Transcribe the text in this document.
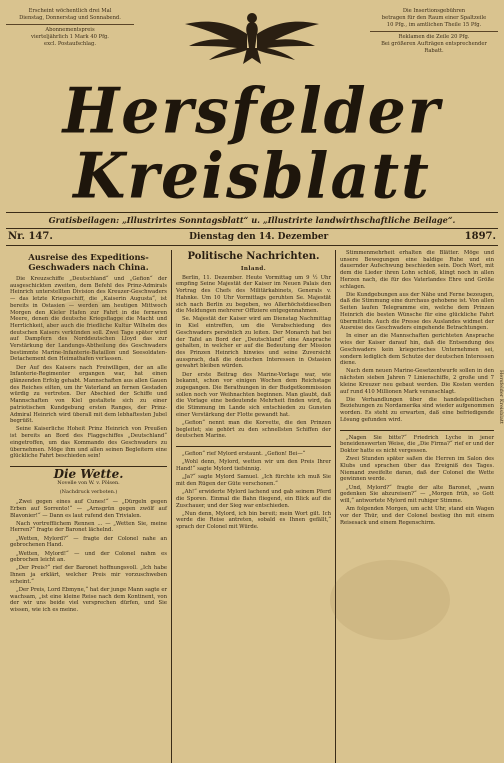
Erscheint wöchentlich drei Mal
Dienstag, Donnerstag und Sonnabend.
Abonnementspreis
vierteljährlich 1 Mark 40 Pfg.
excl. Postaufschlag.
Die Insertionsgebühren
betragen für den Raum einer Spaltzeile
10 Pfg., im amtlichen Theile 15 Pfg.
Reklamen die Zeile 20 Pfg.
Bei größeren Aufträgen entsprechender
Rabatt.
Hersfelder Kreisblatt
Gratisbeilagen: „Illustrirtes Sonntagsblatt“ u. „Illustrirte landwirthschaftliche Beilage“.
Nr. 147.	Dienstag den 14. Dezember	1897.
Ausreise des Expeditions-Geschwaders nach China.

Die Kreuzschiffe „Deutschland“ und „Gefion“ der ausgeschickten zweiten, dem Befehl des Prinz-Admirals Heinrich unterstellten Division des Kreuzer-Geschwaders — das letzte Kriegsschiff, die „Kaiserin Augusta“, ist bereits in Ostasien — werden am heutigen Mittwoch Morgen den Kieler Hafen zur Fahrt in die ferneren Meere, denen die deutsche Kriegsflagge die Macht und Herrlichkeit, aber auch die friedliche Kultur Wilhelm des deutschen Kaisers verkünden soll. Zwei Tage später wird auf Dampfern des Norddeutschen Lloyd das zur Verstärkung der Landungs-Abtheilung des Geschwaders bestimmte Marine-Infanterie-Bataillon und Seesoldaten-Detachement den Heimathafen verlassen.

Der Auf des Kaisers nach Freiwilligen, der an alle Infanterie-Regimenter ergangen war, hat einen glänzenden Erfolg gehabt. Mannschaften aus allen Gauen des Reiches eilten, um ihr Vaterland an fernen Gestaden würdig zu vertreten. Der Abschied der Schiffe und Mannschaften von Kiel gestaltete sich zu einer patriotischen Kundgebung ersten Ranges, der Prinz-Admiral Heinrich wird überall mit dem lebhaftesten Jubel begrüßt.

Seine Kaiserliche Hoheit Prinz Heinrich von Preußen ist bereits an Bord des Flaggschiffes „Deutschland“ eingetroffen, um das Kommando des Geschwaders zu übernehmen. Möge ihm und allen seinen Begleitern eine glückliche Fahrt beschieden sein!

Die Wette.
Novelle von W. v. Pölsen.
(Nachdruck verboten.)

„Zwei gegen eines auf Cunes!“ — „Dürgeln gegen Erben auf Sorrento!“ — „Arnsgrün gegen zwölf auf Blavonier!“ — Dann es laut rufend den Trivialen.

Nach vortrefflichem Rennen ... — „Wetten Sie, meine Herren?“ fragte der Baronet lächelnd.

„Wetten, Mylord?“ — fragte der Colonel nahe an gebrochenen Hand.

„Wetten, Mylord!“ — und der Colonel nahm es gebrochen leicht an.

„Der Preis?“ rief der Baronet hoffnungsvoll. „Ich habe Ihnen ja erklärt, welcher Preis mir vorzuschweben scheint.“

„Der Preis, Lord Ebmyne,“ hat der junge Mann sagte er wachsam, „ist eine kleine Reise nach dem Kontinent, von der wir uns beide viel versprechen dürfen, und Sie wissen, wie ich es meine.

Politische Nachrichten.
Inland.

Berlin, 11. Dezember. Heute Vormittag um 9 ½ Uhr empfing Seine Majestät der Kaiser im Neuen Palais den Vortrag des Chefs des Militärkabinets, Generals v. Hahnke. Um 10 Uhr Vormittags geruhten Se. Majestät sich nach Berlin zu begeben, wo Allerhöchstdieselben die Meldungen mehrerer Offiziere entgegennahmen.

Se. Majestät der Kaiser wird am Dienstag Nachmittag in Kiel eintreffen, um die Verabschiedung des Geschwaders persönlich zu leiten. Der Monarch hat bei der Tafel an Bord der „Deutschland“ eine Ansprache gehalten, in welcher er auf die Bedeutung der Mission des Prinzen Heinrich hinwies und seine Zuversicht aussprach, daß die deutschen Interessen in Ostasien gewahrt bleiben würden.

Der erste Beitrag des Marine-Vorlage war, wie bekannt, schon vor einigen Wochen dem Reichstage zugegangen. Die Berathungen in der Budgetkommission sollen noch vor Weihnachten beginnen. Man glaubt, daß die Vorlage eine bedeutende Mehrheit finden wird, da die Stimmung im Lande sich entschieden zu Gunsten einer Verstärkung der Flotte gewandt hat.

„Gefion“ nennt man die Korvette, die den Prinzen begleitet; sie gehört zu den schnellsten Schiffen der deutschen Marine.

„Gefion“ rief Mylord erstaunt. „Gefion! Bei—“

„Wohl denn, Mylord, wetten wir um den Preis Ihrer Hand!“ sagte Mylord tiefsinnig.

„Ja?“ sagte Mylord Samuel. „Ich fürchte ich muß Sie mit den Rügen der Güte verschonen.“

„Ah!“ erwiderte Mylord lachend und gab seinem Pferd die Sporen. Einmal die Bahn fliegend, ein Blick auf die Zuschauer, und der Sieg war entschieden.

„Nun denn, Mylord, ich bin bereit; mein Wort gilt. Ich werde die Reise antreten, sobald es Ihnen gefällt,“ sprach der Colonel mit Würde.

Stimmenmehrheit erhalten die Blätter. Möge und unsere Bewegungen eine baldige Ruhe und ein dauernder Aufschwung beschieden sein. Doch Wort, mit dem die Lieder ihren Lohn schloß, klingt noch in allen Herzen nach, die für des Vaterlandes Ehre und Größe schlagen.

Die Kundgebungen aus der Nähe und Ferne bezeugen, daß die Stimmung eine durchaus gehobene ist. Von allen Seiten laufen Telegramme ein, welche dem Prinzen Heinrich die besten Wünsche für eine glückliche Fahrt übermitteln. Auch die Presse des Auslandes widmet der Ausreise des Geschwaders eingehende Betrachtungen.

In einer an die Mannschaften gerichteten Ansprache wies der Kaiser darauf hin, daß die Entsendung des Geschwaders kein kriegerisches Unternehmen sei, sondern lediglich dem Schutze der deutschen Interessen diene.

Nach dem neuen Marine-Gesetzentwurfe sollen in den nächsten sieben Jahren 7 Linienschiffe, 2 große und 7 kleine Kreuzer neu gebaut werden. Die Kosten werden auf rund 410 Millionen Mark veranschlagt.

Die Verhandlungen über die handelspolitischen Beziehungen zu Nordamerika sind wieder aufgenommen worden. Es steht zu erwarten, daß eine befriedigende Lösung gefunden wird.

„Nagen Sie bitte?“ Friedrich Lyche in jener beneidenswerten Weise, die „Die Firma?“ rief er und der Doktor hatte es nicht vergessen.

Zwei Stunden später saßen die Herren im Salon des Klubs und sprachen über das Ereigniß des Tages. Niemand zweifelte daran, daß der Colonel die Wette gewinnen werde.

„Und, Mylord?“ fragte der alte Baronet, „wann gedenken Sie abzureisen?“ — „Morgen früh, so Gott will,“ antwortete Mylord mit ruhiger Stimme.

Am folgenden Morgen, um acht Uhr, stand ein Wagen vor der Thür, und der Colonel bestieg ihn mit einem Reisesack und einem Regenschirm.

Hersfelder Kreisblatt
